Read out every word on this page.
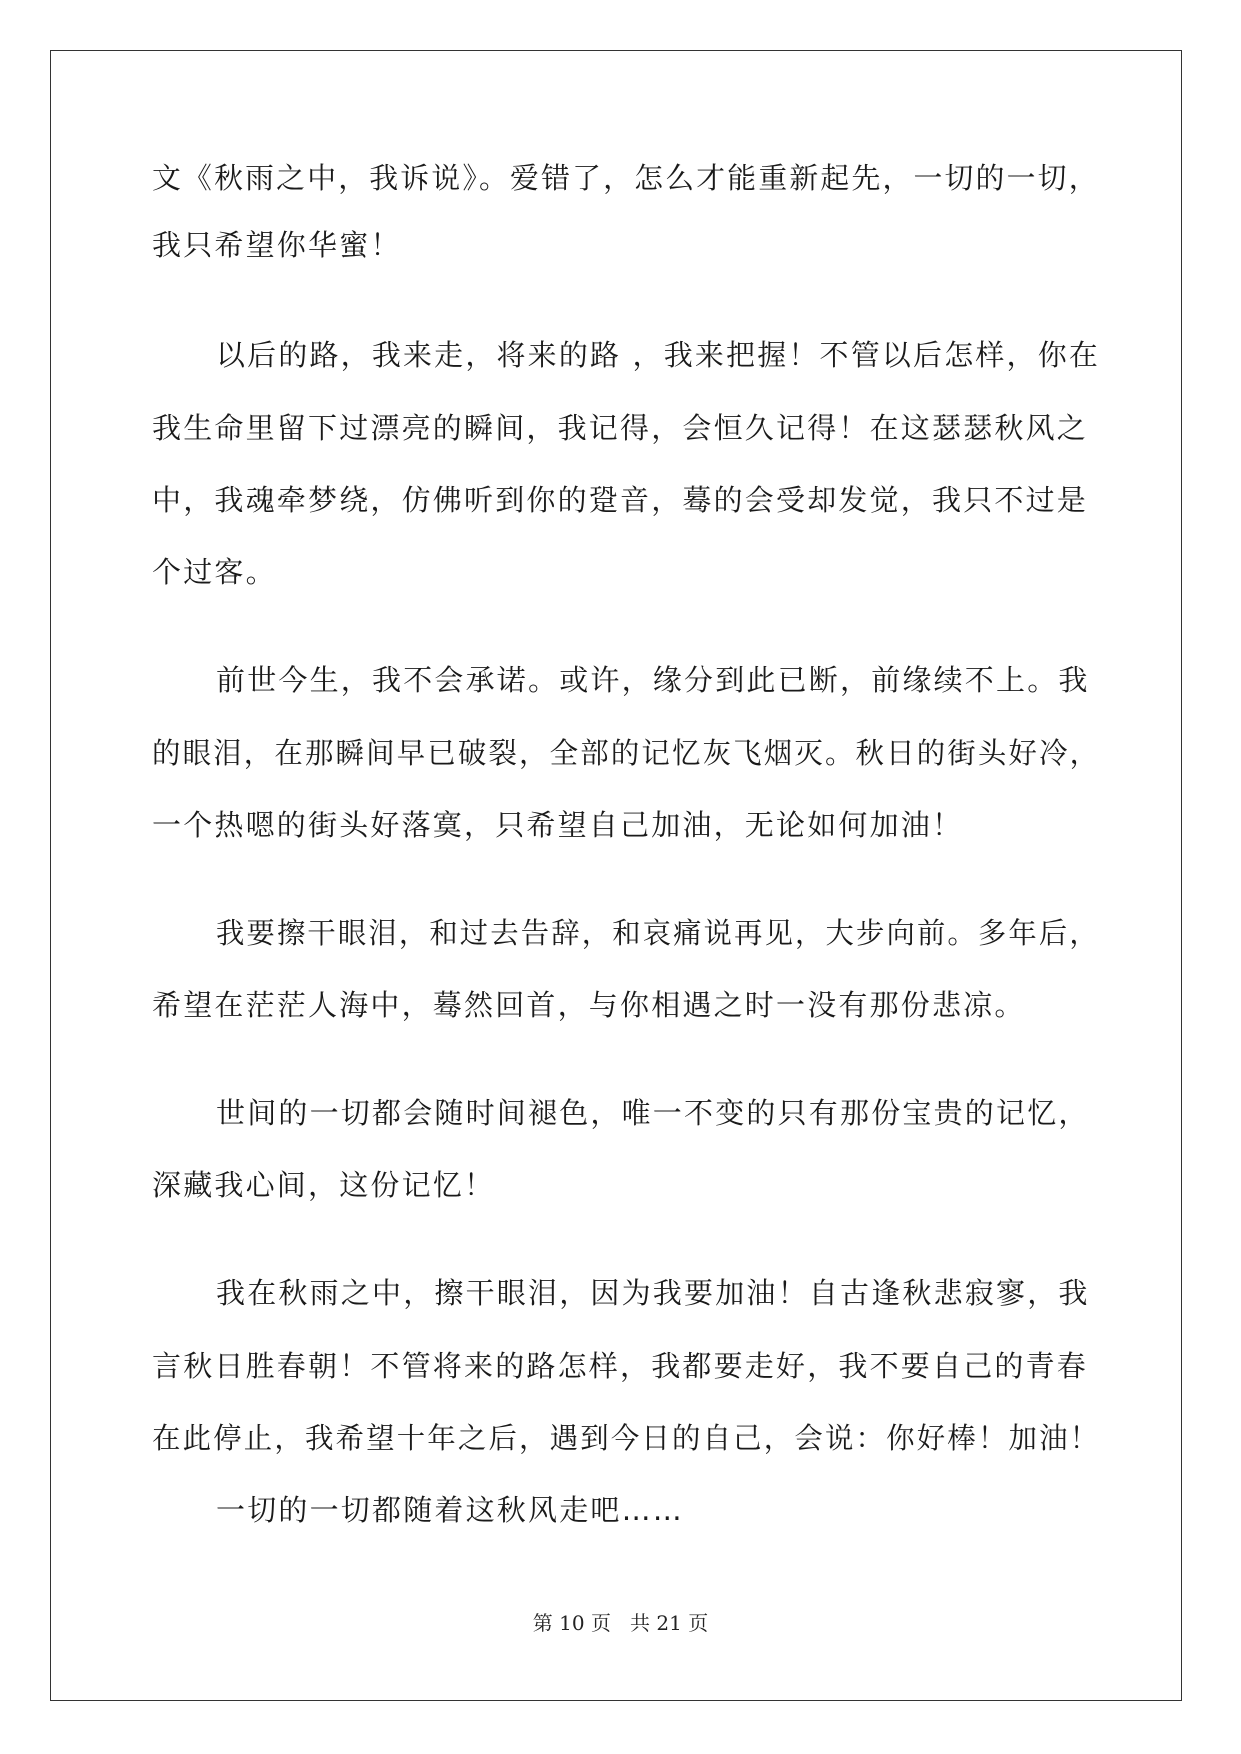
文《秋雨之中，我诉说》。爱错了，怎么才能重新起先，一切的一切，
我只希望你华蜜！
以后的路，我来走，将来的路 ，我来把握！不管以后怎样，你在
我生命里留下过漂亮的瞬间，我记得，会恒久记得！在这瑟瑟秋风之
中，我魂牵梦绕，仿佛听到你的跫音，蓦的会受却发觉，我只不过是
个过客。
前世今生，我不会承诺。或许，缘分到此已断，前缘续不上。我
的眼泪，在那瞬间早已破裂，全部的记忆灰飞烟灭。秋日的街头好冷，
一个热嗯的街头好落寞，只希望自己加油，无论如何加油！
我要擦干眼泪，和过去告辞，和哀痛说再见，大步向前。多年后，
希望在茫茫人海中，蓦然回首，与你相遇之时一没有那份悲凉。
世间的一切都会随时间褪色，唯一不变的只有那份宝贵的记忆，
深藏我心间，这份记忆！
我在秋雨之中，擦干眼泪，因为我要加油！自古逢秋悲寂寥，我
言秋日胜春朝！不管将来的路怎样，我都要走好，我不要自己的青春
在此停止，我希望十年之后，遇到今日的自己，会说：你好棒！加油！
一切的一切都随着这秋风走吧……
第 10 页   共 21 页
